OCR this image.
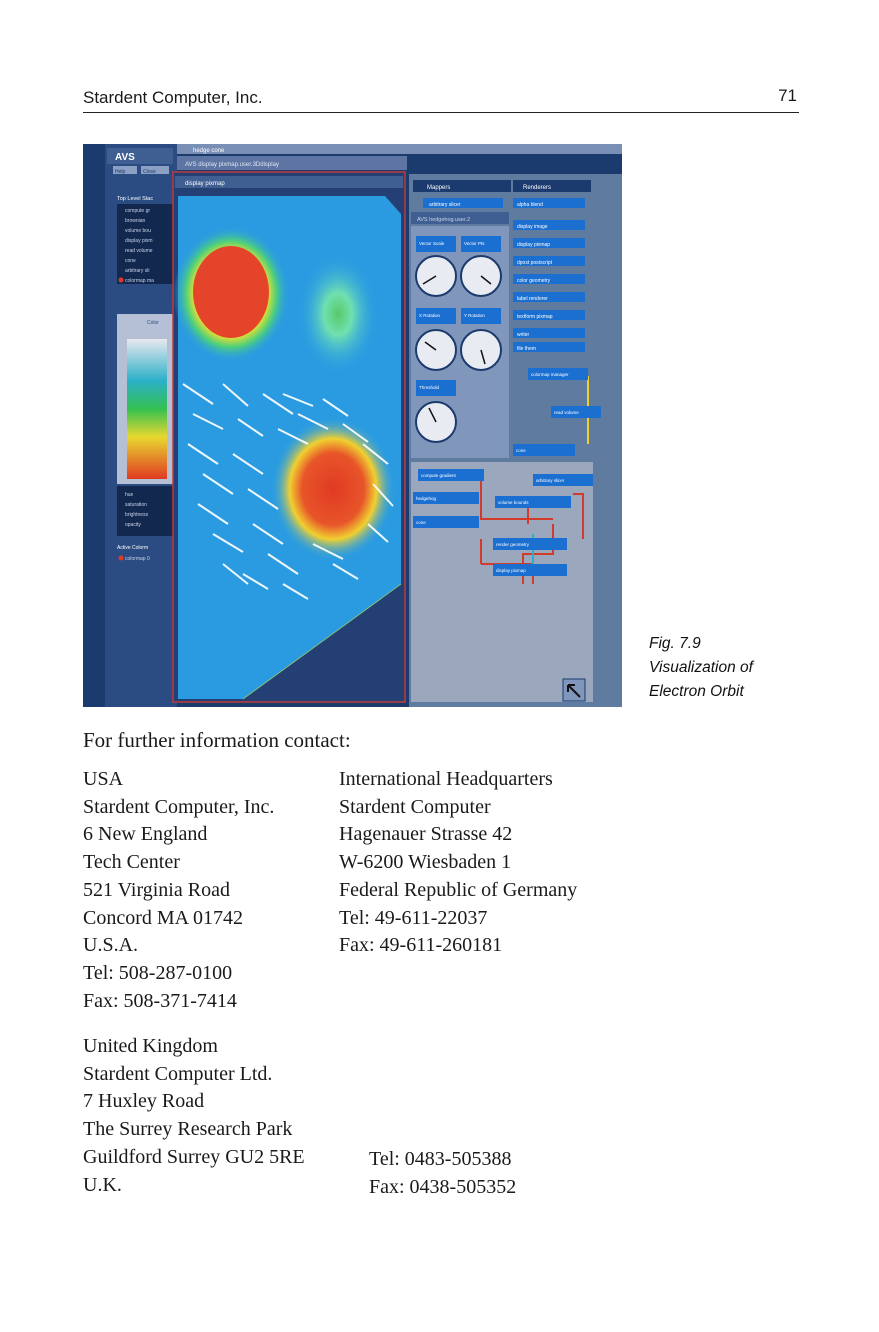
Stardent Computer, Inc.	71
AVS
Help	Close
Top Level Stac
compute gr
brownian
volume bou
display pixm
read volume
cone
arbitrary sli
colormap ma
Color
hue
saturation
brightness
opacity
Active Colorm
colormap 0
hedge cone
AVS display pixmap.user.3Ddisplay
display pixmap
Mappers	Renderers
arbitrary slicer	alpha blend
display image
display pixmap
dpost postscript
color geometry
label renderer
textform pixmap
writer
file them
AVS hedgehog.user.2
Vector Scale	Vector Pts
X Rotation	Y Rotation
Threshold
colormap manager
read volume
cone
compute gradient
arbitrary slicer
hedgehog
volume bounds
cone
render geometry
display pixmap
Fig. 7.9
Visualization of
Electron Orbit
For further information contact:
USA
Stardent Computer, Inc.
6 New England
Tech Center
521 Virginia Road
Concord MA 01742
U.S.A.
Tel: 508-287-0100
Fax: 508-371-7414
International Headquarters
Stardent Computer
Hagenauer Strasse 42
W-6200 Wiesbaden 1
Federal Republic of Germany
Tel: 49-611-22037
Fax: 49-611-260181
United Kingdom
Stardent Computer Ltd.
7 Huxley Road
The Surrey Research Park
Guildford Surrey GU2 5RE
U.K.
Tel: 0483-505388
Fax: 0438-505352
